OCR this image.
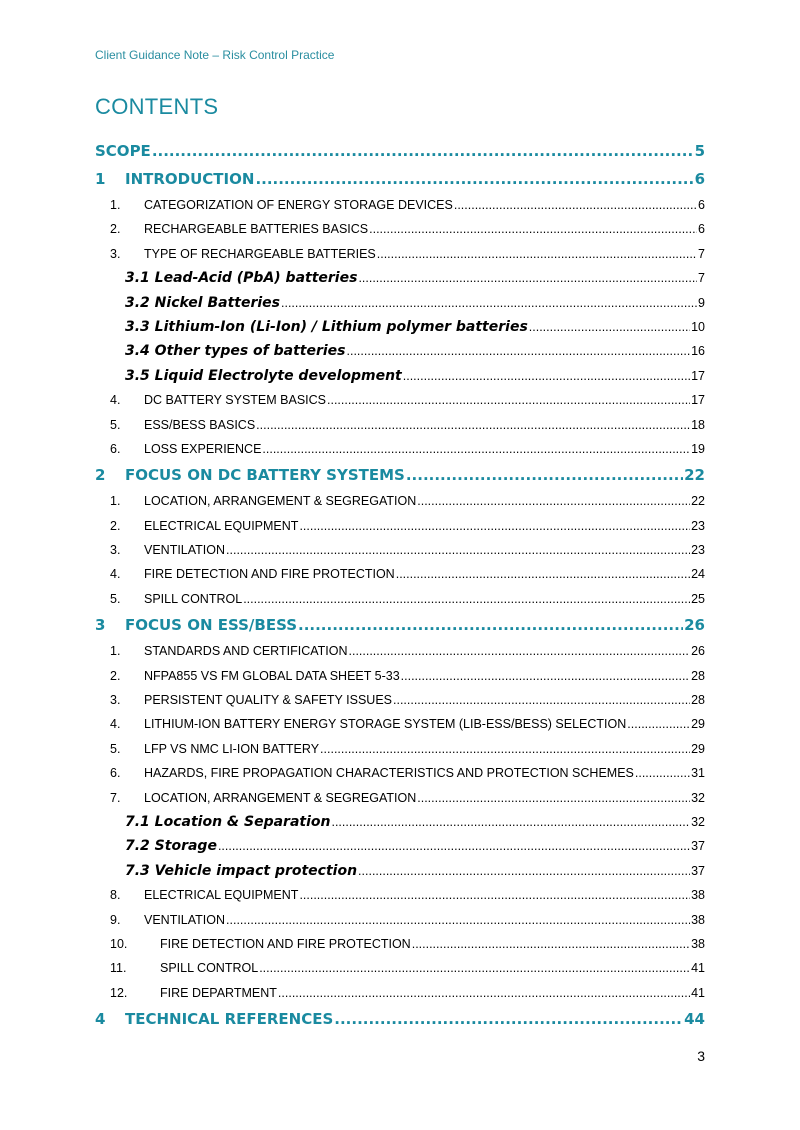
Client Guidance Note – Risk Control Practice
CONTENTS
SCOPE .....	5
1 INTRODUCTION .....	6
1. CATEGORIZATION OF ENERGY STORAGE DEVICES .....	6
2. RECHARGEABLE BATTERIES BASICS .....	6
3. TYPE OF RECHARGEABLE BATTERIES .....	7
3.1 Lead-Acid (PbA) batteries .....	7
3.2 Nickel Batteries .....	9
3.3 Lithium-Ion (Li-Ion) / Lithium polymer batteries .....	10
3.4 Other types of batteries .....	16
3.5 Liquid Electrolyte development .....	17
4. DC BATTERY SYSTEM BASICS .....	17
5. ESS/BESS BASICS .....	18
6. LOSS EXPERIENCE .....	19
2 FOCUS ON DC BATTERY SYSTEMS .....	22
1. LOCATION, ARRANGEMENT & SEGREGATION .....	22
2. ELECTRICAL EQUIPMENT .....	23
3. VENTILATION .....	23
4. FIRE DETECTION AND FIRE PROTECTION .....	24
5. SPILL CONTROL .....	25
3 FOCUS ON ESS/BESS .....	26
1. STANDARDS AND CERTIFICATION .....	26
2. NFPA855 VS FM GLOBAL DATA SHEET 5-33 .....	28
3. PERSISTENT QUALITY & SAFETY ISSUES .....	28
4. LITHIUM-ION BATTERY ENERGY STORAGE SYSTEM (LIB-ESS/BESS) SELECTION .....	29
5. LFP VS NMC LI-ION BATTERY .....	29
6. HAZARDS, FIRE PROPAGATION CHARACTERISTICS AND PROTECTION SCHEMES .....	31
7. LOCATION, ARRANGEMENT & SEGREGATION .....	32
7.1 Location & Separation .....	32
7.2 Storage .....	37
7.3 Vehicle impact protection .....	37
8. ELECTRICAL EQUIPMENT .....	38
9. VENTILATION .....	38
10.	FIRE DETECTION AND FIRE PROTECTION .....	38
11.	SPILL CONTROL .....	41
12.	FIRE DEPARTMENT .....	41
4 TECHNICAL REFERENCES .....	44
3
